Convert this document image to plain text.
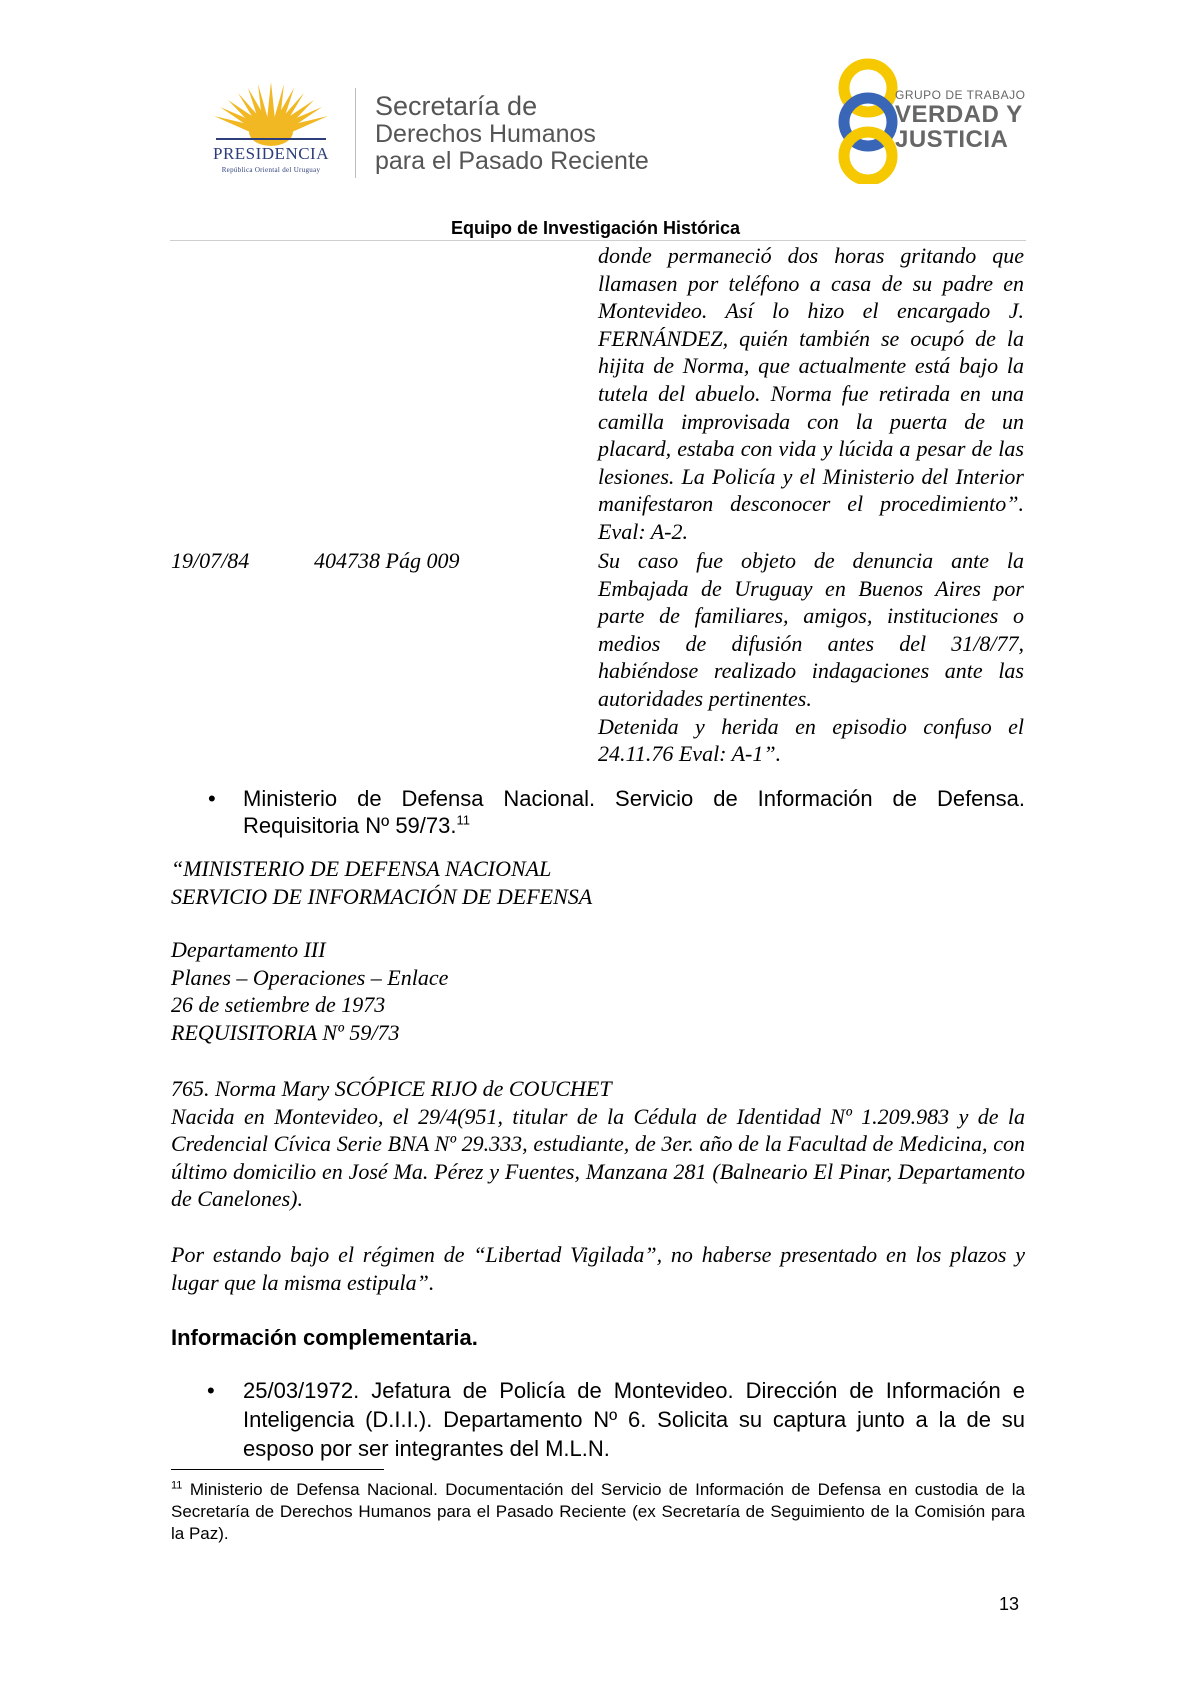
PRESIDENCIA
República Oriental del Uruguay
Secretaría de
Derechos Humanos
para el Pasado Reciente
GRUPO DE TRABAJO
VERDAD Y
JUSTICIA
Equipo de Investigación Histórica

donde permaneció dos horas gritando que llamasen por teléfono a casa de su padre en Montevideo. Así lo hizo el encargado J. FERNÁNDEZ, quién también se ocupó de la hijita de Norma, que actualmente está bajo la tutela del abuelo. Norma fue retirada en una camilla improvisada con la puerta de un placard, estaba con vida y lúcida a pesar de las lesiones. La Policía y el Ministerio del Interior manifestaron desconocer el procedimiento”. Eval: A-2.

19/07/84	404738 Pág 009	Su caso fue objeto de denuncia ante la Embajada de Uruguay en Buenos Aires por parte de familiares, amigos, instituciones o medios de difusión antes del 31/8/77, habiéndose realizado indagaciones ante las autoridades pertinentes.

Detenida y herida en episodio confuso el 24.11.76 Eval: A-1”.

• Ministerio de Defensa Nacional. Servicio de Información de Defensa. Requisitoria Nº 59/73.11
“MINISTERIO DE DEFENSA NACIONAL
SERVICIO DE INFORMACIÓN DE DEFENSA
Departamento III
Planes – Operaciones – Enlace
26 de setiembre de 1973
REQUISITORIA Nº 59/73
765. Norma Mary SCÓPICE RIJO de COUCHET
Nacida en Montevideo, el 29/4(951, titular de la Cédula de Identidad Nº 1.209.983 y de la Credencial Cívica Serie BNA Nº 29.333, estudiante, de 3er. año de la Facultad de Medicina, con último domicilio en José Ma. Pérez y Fuentes, Manzana 281 (Balneario El Pinar, Departamento de Canelones).
Por estando bajo el régimen de “Libertad Vigilada”, no haberse presentado en los plazos y lugar que la misma estipula”.
Información complementaria.
• 25/03/1972. Jefatura de Policía de Montevideo. Dirección de Información e Inteligencia (D.I.I.). Departamento Nº 6. Solicita su captura junto a la de su esposo por ser integrantes del M.L.N.
$^{11}$ Ministerio de Defensa Nacional. Documentación del Servicio de Información de Defensa en custodia de la Secretaría de Derechos Humanos para el Pasado Reciente (ex Secretaría de Seguimiento de la Comisión para la Paz).
13
